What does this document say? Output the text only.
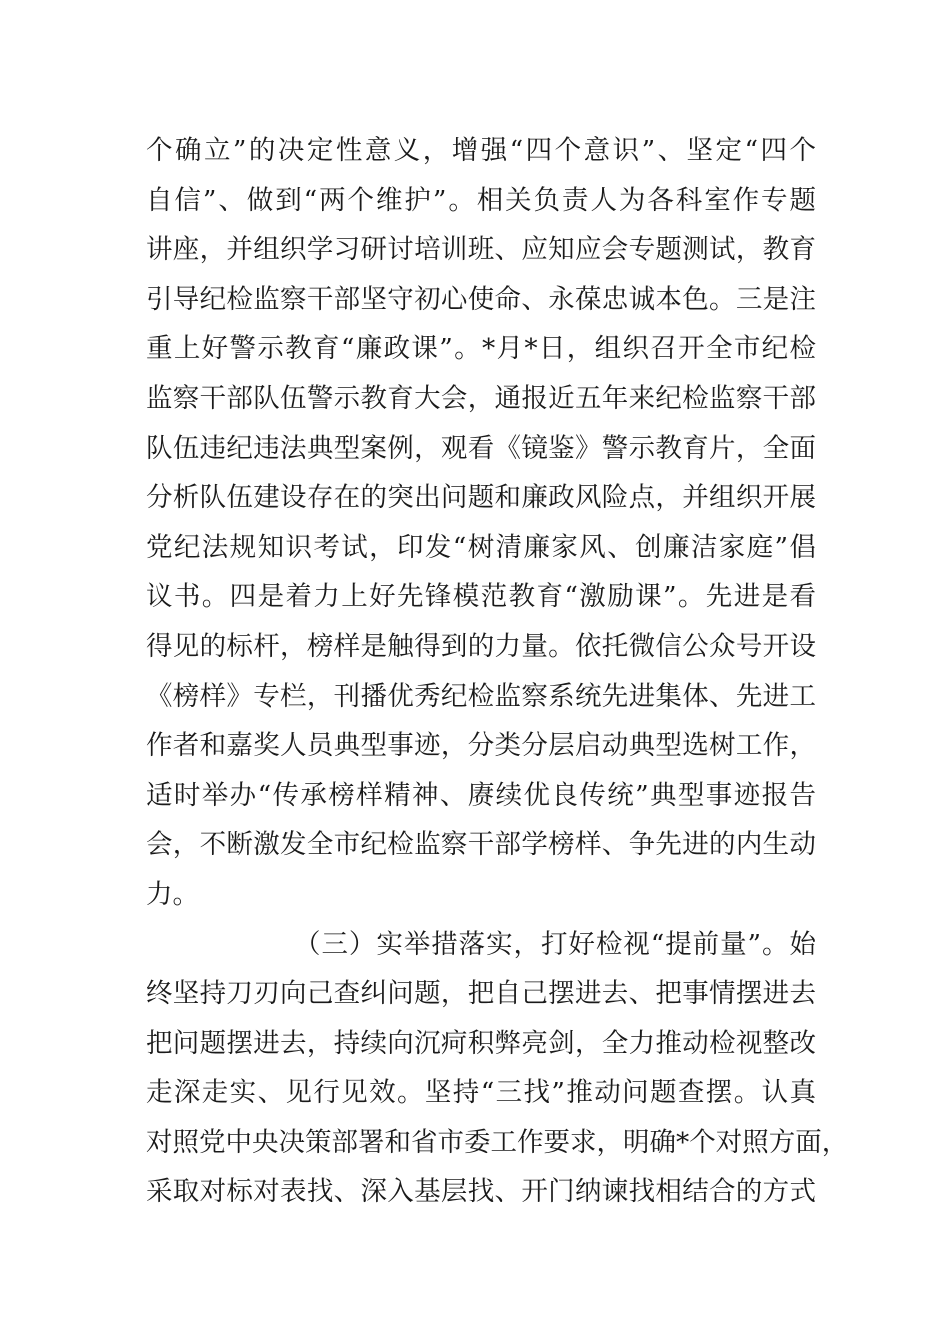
个确立”的决定性意义，增强“四个意识”、坚定“四个
自信”、做到“两个维护”。相关负责人为各科室作专题
讲座，并组织学习研讨培训班、应知应会专题测试，教育
引导纪检监察干部坚守初心使命、永葆忠诚本色。三是注
重上好警示教育“廉政课”。*月*日，组织召开全市纪检
监察干部队伍警示教育大会，通报近五年来纪检监察干部
队伍违纪违法典型案例，观看《镜鉴》警示教育片，全面
分析队伍建设存在的突出问题和廉政风险点，并组织开展
党纪法规知识考试，印发“树清廉家风、创廉洁家庭”倡
议书。四是着力上好先锋模范教育“激励课”。先进是看
得见的标杆，榜样是触得到的力量。依托微信公众号开设
《榜样》专栏，刊播优秀纪检监察系统先进集体、先进工
作者和嘉奖人员典型事迹，分类分层启动典型选树工作，
适时举办“传承榜样精神、赓续优良传统”典型事迹报告
会，不断激发全市纪检监察干部学榜样、争先进的内生动
力。
（三）实举措落实，打好检视“提前量”。始
终坚持刀刃向己查纠问题，把自己摆进去、把事情摆进去
把问题摆进去，持续向沉疴积弊亮剑，全力推动检视整改
走深走实、见行见效。坚持“三找”推动问题查摆。认真
对照党中央决策部署和省市委工作要求，明确*个对照方面，
采取对标对表找、深入基层找、开门纳谏找相结合的方式
